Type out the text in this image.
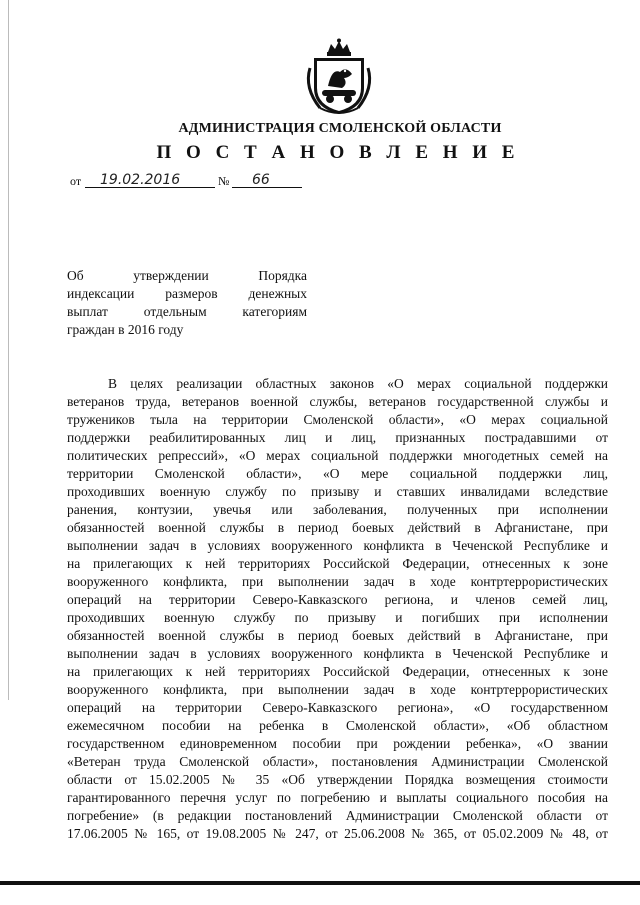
АДМИНИСТРАЦИЯ СМОЛЕНСКОЙ ОБЛАСТИ
П О С Т А Н О В Л Е Н И Е
от 19.02.2016	№ 66
Об утверждении Порядка
индексации размеров денежных
выплат отдельным категориям
граждан в 2016 году
В целях реализации областных законов «О мерах социальной поддержки
ветеранов труда, ветеранов военной службы, ветеранов государственной службы и
тружеников тыла на территории Смоленской области», «О мерах социальной
поддержки реабилитированных лиц и лиц, признанных пострадавшими от
политических репрессий», «О мерах социальной поддержки многодетных семей на
территории Смоленской области», «О мере социальной поддержки лиц,
проходивших военную службу по призыву и ставших инвалидами вследствие
ранения, контузии, увечья или заболевания, полученных при исполнении
обязанностей военной службы в период боевых действий в Афганистане, при
выполнении задач в условиях вооруженного конфликта в Чеченской Республике и
на прилегающих к ней территориях Российской Федерации, отнесенных к зоне
вооруженного конфликта, при выполнении задач в ходе контртеррористических
операций на территории Северо-Кавказского региона, и членов семей лиц,
проходивших военную службу по призыву и погибших при исполнении
обязанностей военной службы в период боевых действий в Афганистане, при
выполнении задач в условиях вооруженного конфликта в Чеченской Республике и
на прилегающих к ней территориях Российской Федерации, отнесенных к зоне
вооруженного конфликта, при выполнении задач в ходе контртеррористических
операций на территории Северо-Кавказского региона», «О государственном
ежемесячном пособии на ребенка в Смоленской области», «Об областном
государственном единовременном пособии при рождении ребенка», «О звании
«Ветеран труда Смоленской области», постановления Администрации Смоленской
области от 15.02.2005 № 35 «Об утверждении Порядка возмещения стоимости
гарантированного перечня услуг по погребению и выплаты социального пособия на
погребение» (в редакции постановлений Администрации Смоленской области от
17.06.2005 № 165, от 19.08.2005 № 247, от 25.06.2008 № 365, от 05.02.2009 № 48, от
